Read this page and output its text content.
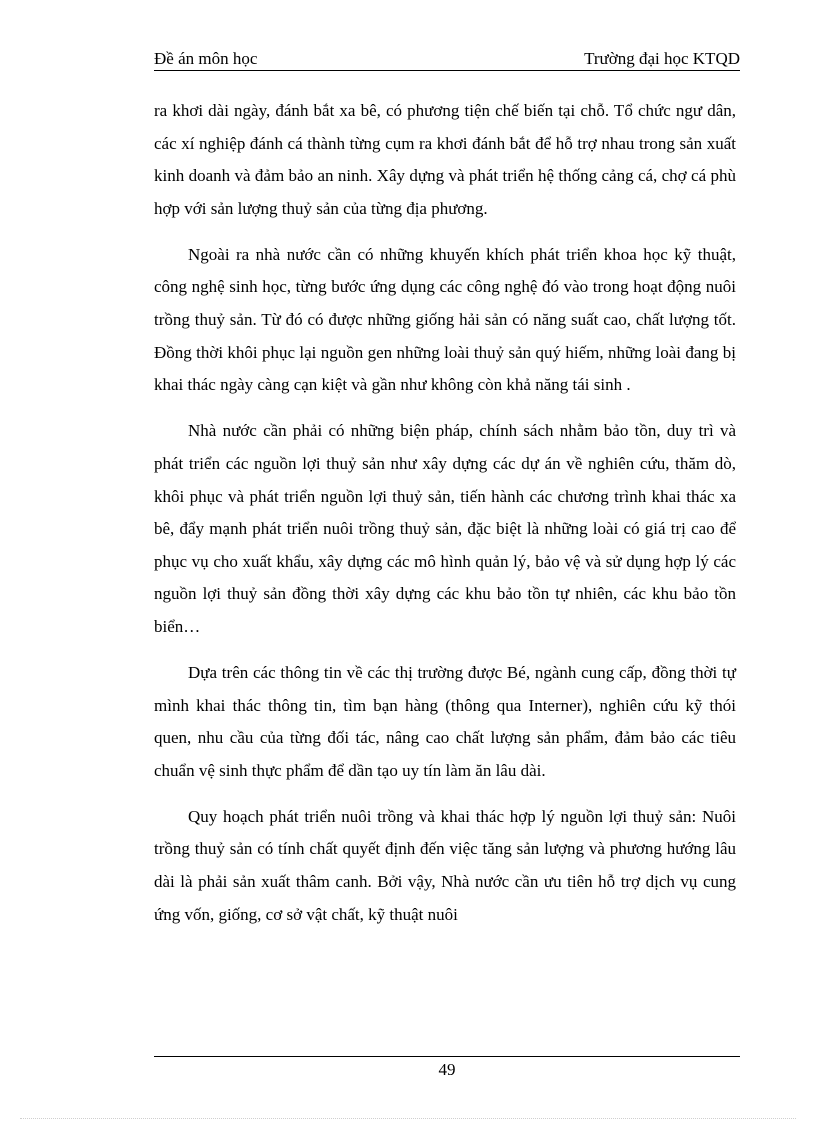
Đề án môn học	Trường đại học KTQD

ra khơi dài ngày, đánh bắt xa bê, có phương tiện chế biến tại chỗ. Tổ chức ngư dân, các xí nghiệp đánh cá thành từng cụm ra khơi đánh bắt để hỗ trợ nhau trong sản xuất kinh doanh và đảm bảo an ninh. Xây dựng và phát triển hệ thống cảng cá, chợ cá phù hợp với sản lượng thuỷ sản của từng địa phương.

Ngoài ra nhà nước cần có những khuyến khích phát triển khoa học kỹ thuật, công nghệ sinh học, từng bước ứng dụng các công nghệ đó vào trong hoạt động nuôi trồng thuỷ sản. Từ đó có được những giống hải sản có năng suất cao, chất lượng tốt. Đồng thời khôi phục lại nguồn gen những loài thuỷ sản quý hiếm, những loài đang bị khai thác ngày càng cạn kiệt và gần như không còn khả năng tái sinh .

Nhà nước cần phải có những biện pháp, chính sách nhằm bảo tồn, duy trì và phát triển các nguồn lợi thuỷ sản như xây dựng các dự án về nghiên cứu, thăm dò, khôi phục và phát triển nguồn lợi thuỷ sản, tiến hành các chương trình khai thác xa bê, đẩy mạnh phát triển nuôi trồng thuỷ sản, đặc biệt là những loài có giá trị cao để phục vụ cho xuất khẩu, xây dựng các mô hình quản lý, bảo vệ và sử dụng hợp lý các nguồn lợi thuỷ sản đồng thời xây dựng các khu bảo tồn tự nhiên, các khu bảo tồn biển…

Dựa trên các thông tin về các thị trường được Bé, ngành cung cấp, đồng thời tự mình khai thác thông tin, tìm bạn hàng (thông qua Interner), nghiên cứu kỹ thói quen, nhu cầu của từng đối tác, nâng cao chất lượng sản phẩm, đảm bảo các tiêu chuẩn vệ sinh thực phẩm để dần tạo uy tín làm ăn lâu dài.

Quy hoạch phát triển nuôi trồng và khai thác hợp lý nguồn lợi thuỷ sản: Nuôi trồng thuỷ sản có tính chất quyết định đến việc tăng sản lượng và phương hướng lâu dài là phải sản xuất thâm canh. Bởi vậy, Nhà nước cần ưu tiên hỗ trợ dịch vụ cung ứng vốn, giống, cơ sở vật chất, kỹ thuật nuôi

49
